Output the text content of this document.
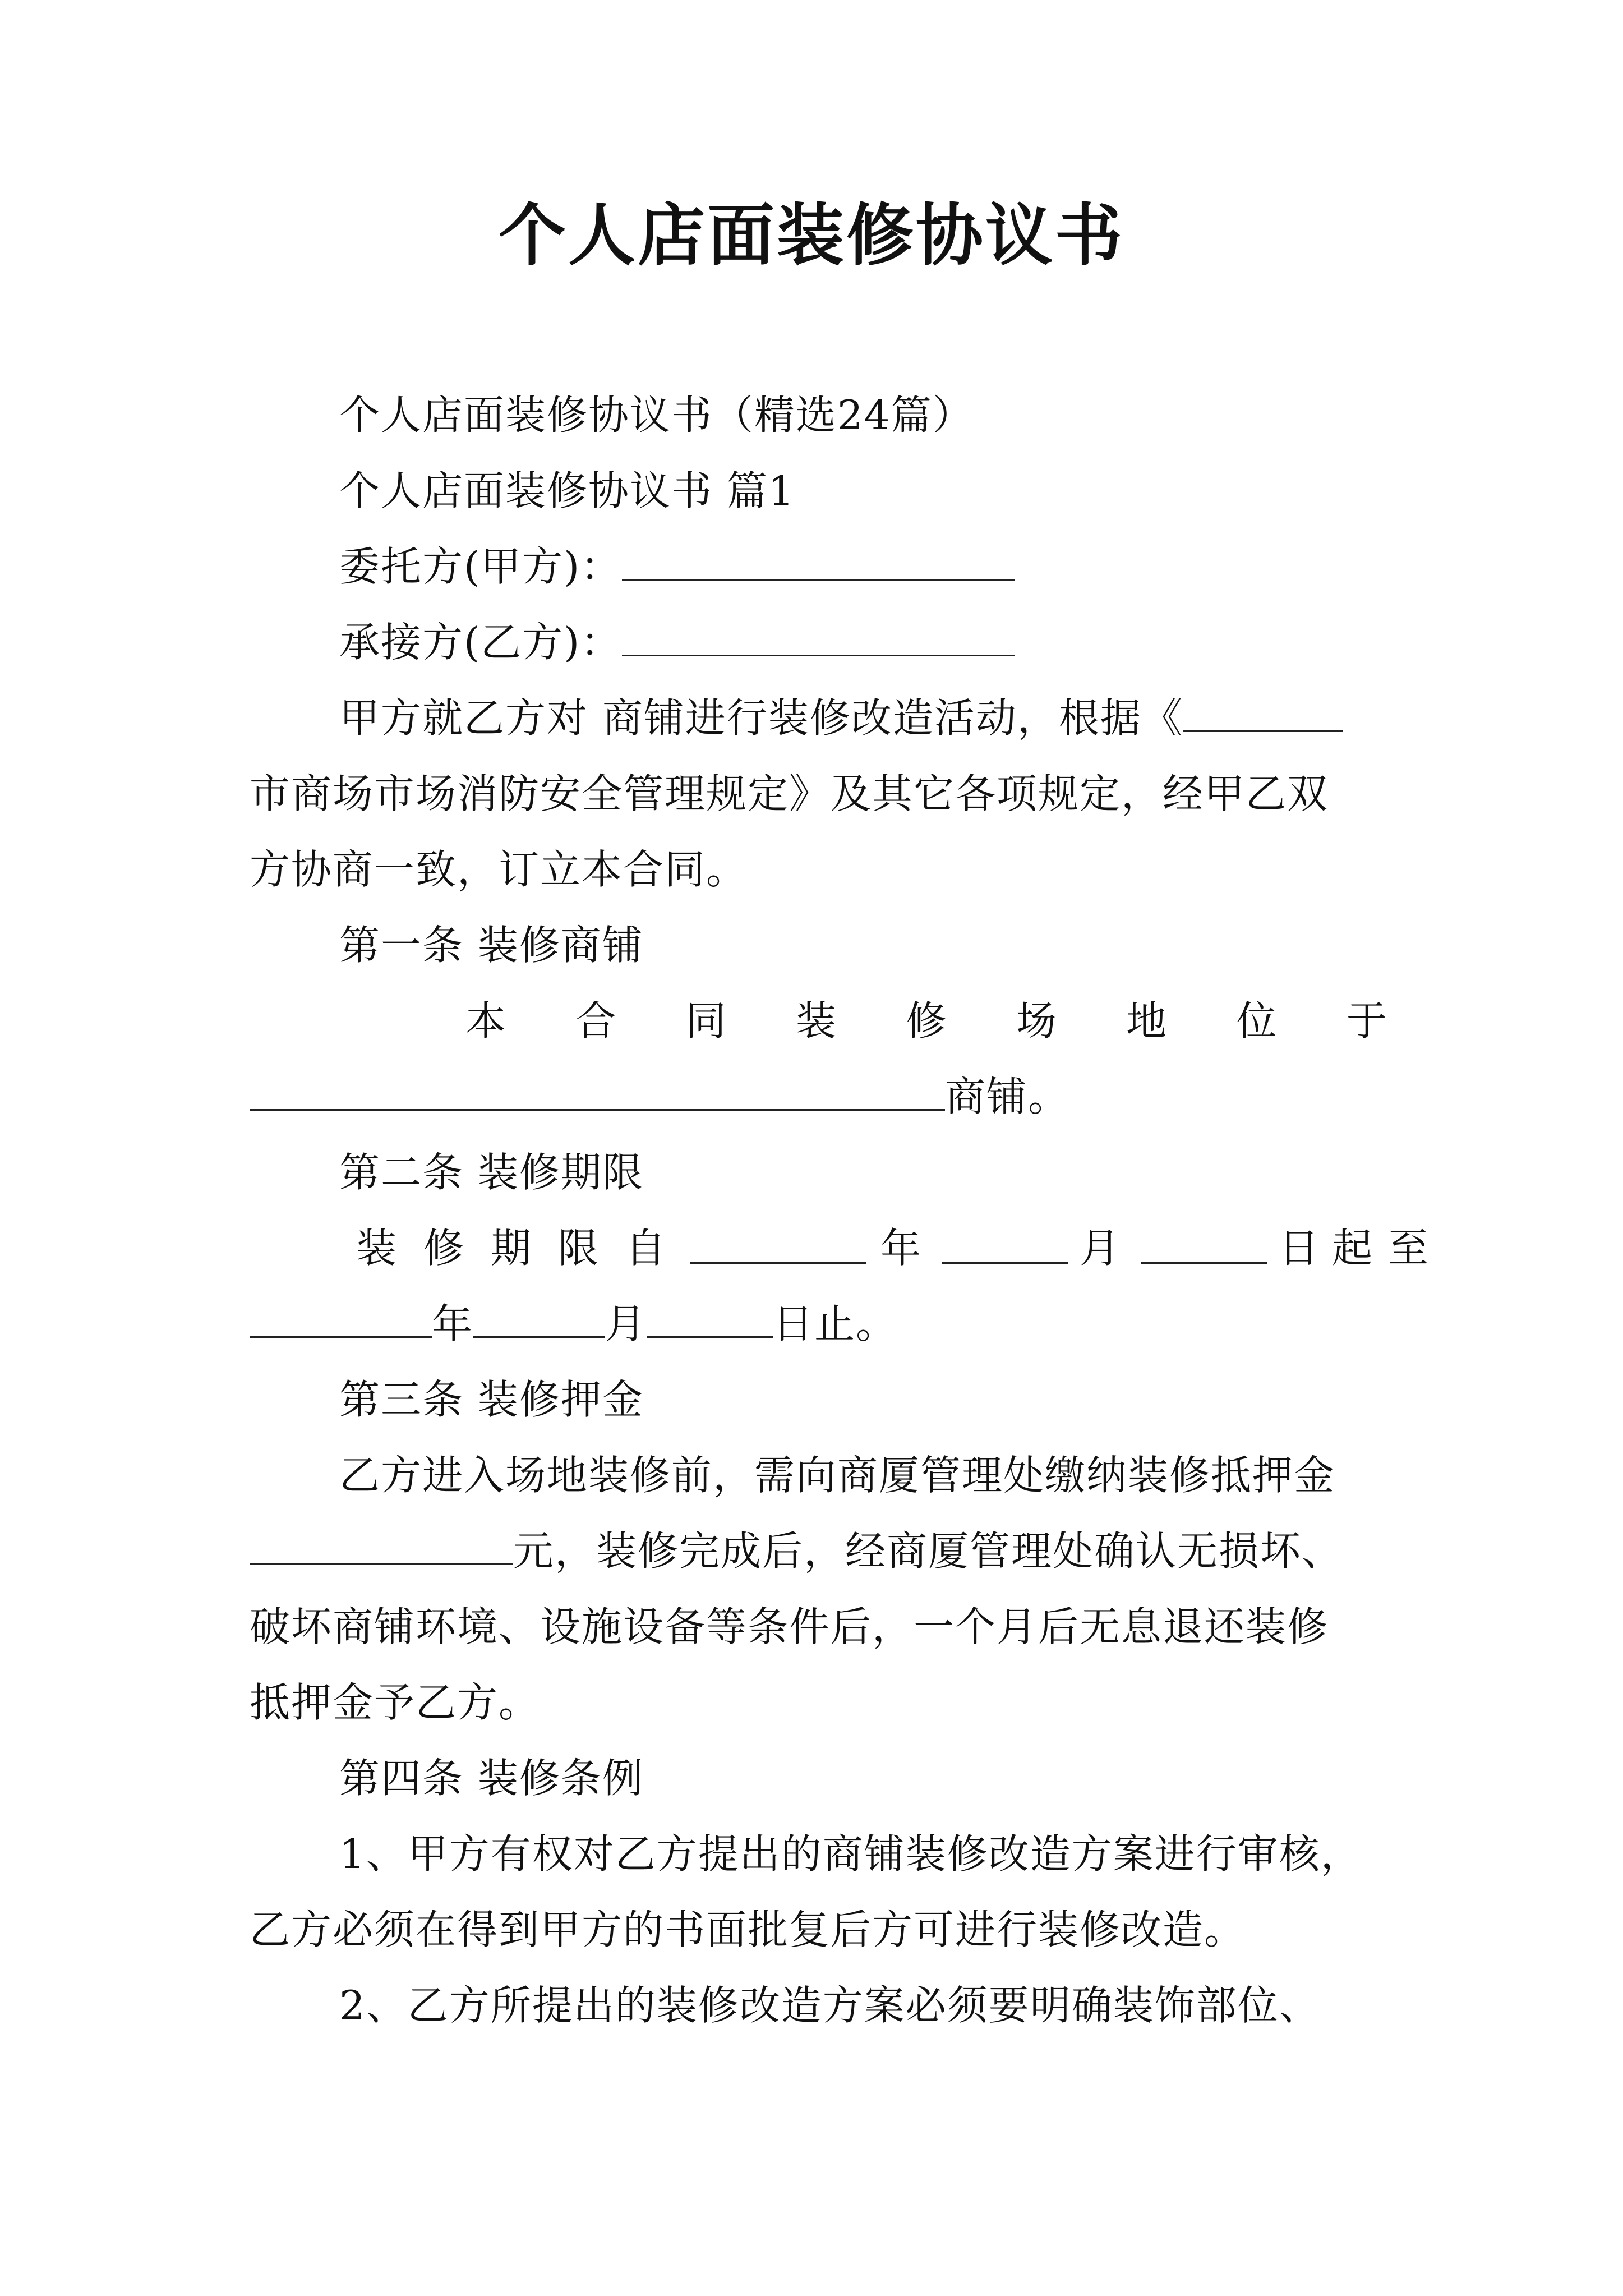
个人店面装修协议书
个人店面装修协议书（精选24篇）
个人店面装修协议书 篇1
委托方(甲方)：
承接方(乙方)：
甲方就乙方对 商铺进行装修改造活动，根据《
市商场市场消防安全管理规定》及其它各项规定，经甲乙双
方协商一致，订立本合同。
第一条 装修商铺
本 合 同 装 修 场 地 位 于
商铺。
第二条 装修期限
装 修 期 限 自	年	月	日 起 至
年	月	日止。
第三条 装修押金
乙方进入场地装修前，需向商厦管理处缴纳装修抵押金
元，装修完成后，经商厦管理处确认无损坏、
破坏商铺环境、设施设备等条件后，一个月后无息退还装修
抵押金予乙方。
第四条 装修条例
1、甲方有权对乙方提出的商铺装修改造方案进行审核，
乙方必须在得到甲方的书面批复后方可进行装修改造。
2、乙方所提出的装修改造方案必须要明确装饰部位、
